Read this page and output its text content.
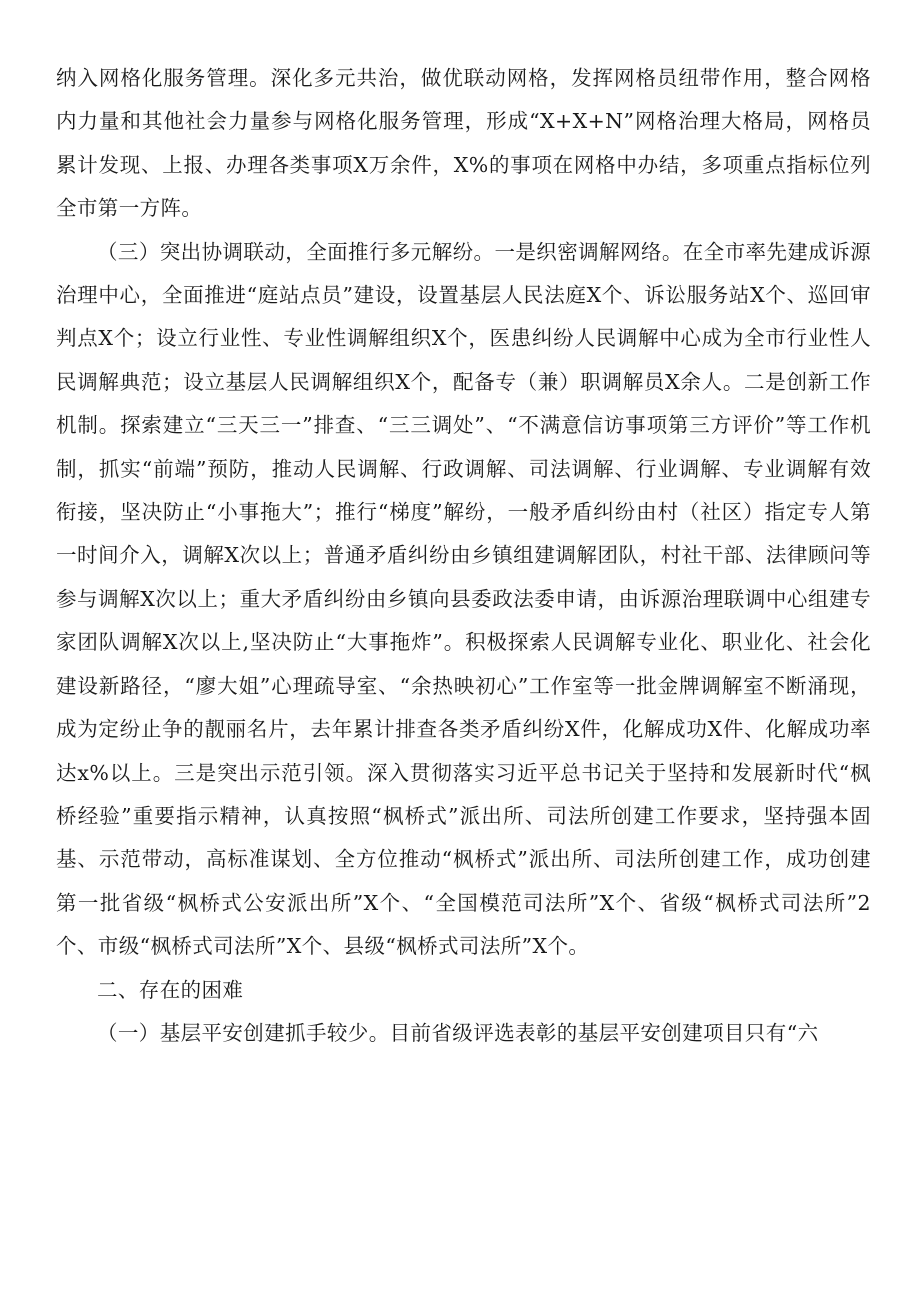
纳入网格化服务管理。深化多元共治，做优联动网格，发挥网格员纽带作用，整合网格内力量和其他社会力量参与网格化服务管理，形成“X+X+N”网格治理大格局，网格员累计发现、上报、办理各类事项X万余件，X%的事项在网格中办结，多项重点指标位列全市第一方阵。

（三）突出协调联动，全面推行多元解纷。一是织密调解网络。在全市率先建成诉源治理中心，全面推进“庭站点员”建设，设置基层人民法庭X个、诉讼服务站X个、巡回审判点X个；设立行业性、专业性调解组织X个，医患纠纷人民调解中心成为全市行业性人民调解典范；设立基层人民调解组织X个，配备专（兼）职调解员X余人。二是创新工作机制。探索建立“三天三一”排查、“三三调处”、“不满意信访事项第三方评价”等工作机制，抓实“前端”预防，推动人民调解、行政调解、司法调解、行业调解、专业调解有效衔接，坚决防止“小事拖大”；推行“梯度”解纷，一般矛盾纠纷由村（社区）指定专人第一时间介入，调解X次以上；普通矛盾纠纷由乡镇组建调解团队，村社干部、法律顾问等参与调解X次以上；重大矛盾纠纷由乡镇向县委政法委申请，由诉源治理联调中心组建专家团队调解X次以上,坚决防止“大事拖炸”。积极探索人民调解专业化、职业化、社会化建设新路径，“廖大姐”心理疏导室、“余热映初心”工作室等一批金牌调解室不断涌现，成为定纷止争的靓丽名片，去年累计排查各类矛盾纠纷X件，化解成功X件、化解成功率达x%以上。三是突出示范引领。深入贯彻落实习近平总书记关于坚持和发展新时代“枫桥经验”重要指示精神，认真按照“枫桥式”派出所、司法所创建工作要求，坚持强本固基、示范带动，高标准谋划、全方位推动“枫桥式”派出所、司法所创建工作，成功创建第一批省级“枫桥式公安派出所”X个、“全国模范司法所”X个、省级“枫桥式司法所”2个、市级“枫桥式司法所”X个、县级“枫桥式司法所”X个。

二、存在的困难

（一）基层平安创建抓手较少。目前省级评选表彰的基层平安创建项目只有“六
